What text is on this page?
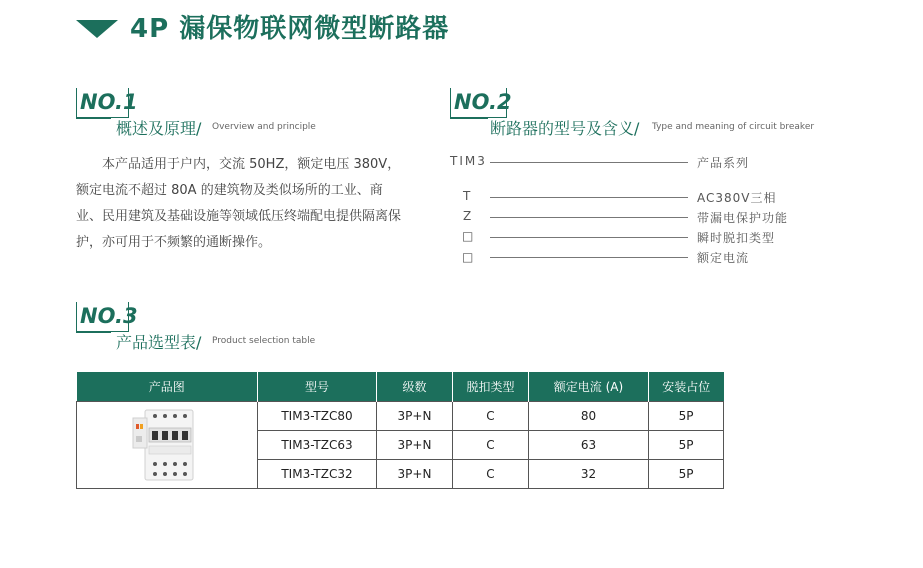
4P 漏保物联网微型断路器
NO.1
概述及原理/ Overview and principle
本产品适用于户内，交流 50HZ，额定电压 380V，额定电流不超过 80A 的建筑物及类似场所的工业、商业、民用建筑及基础设施等领域低压终端配电提供隔离保护，亦可用于不频繁的通断操作。
NO.2
断路器的型号及含义/ Type and meaning of circuit breaker
TIM3	产品系列
T	AC380V三相
Z	带漏电保护功能
□	瞬时脱扣类型
□	额定电流
NO.3
产品选型表/ Product selection table
产品图	型号	级数	脱扣类型	额定电流 (A)	安装占位
	TIM3-TZC80	3P+N	C	80	5P
	TIM3-TZC63	3P+N	C	63	5P
	TIM3-TZC32	3P+N	C	32	5P
